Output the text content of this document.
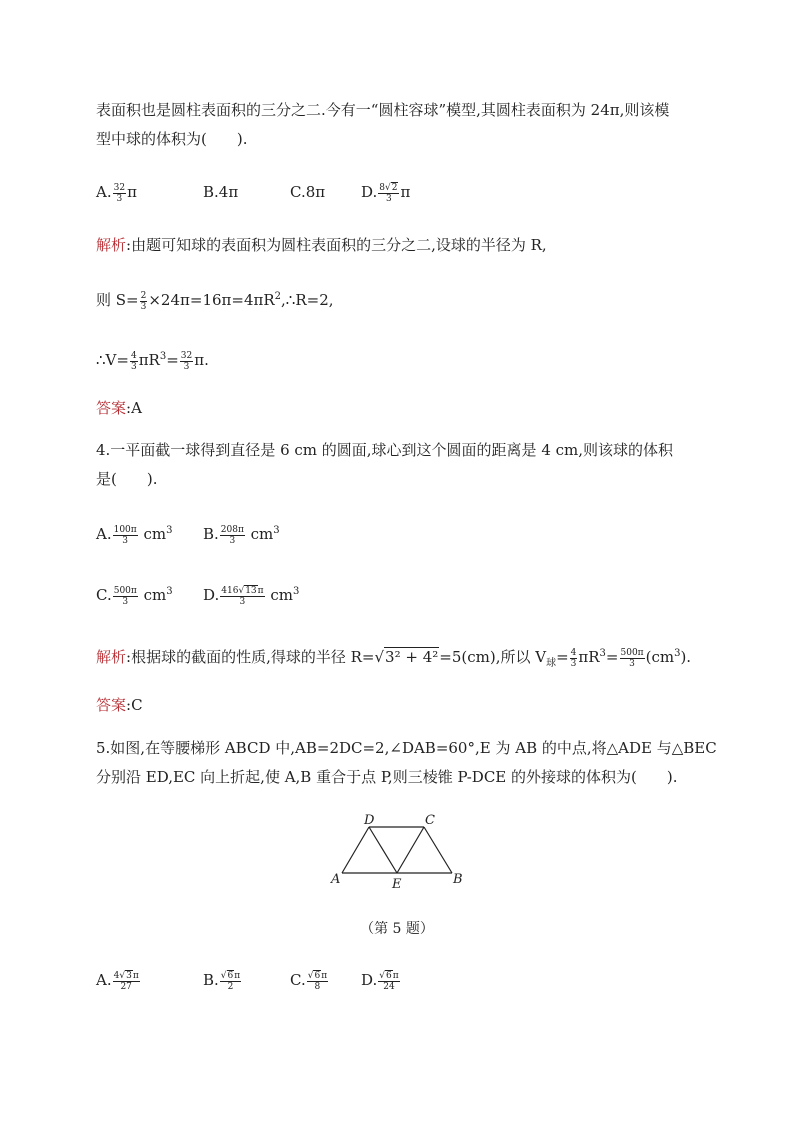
表面积也是圆柱表面积的三分之二.今有一“圆柱容球”模型,其圆柱表面积为 24π,则该模
型中球的体积为(　　).
A. $\frac{32}{3}$ π	B.4π	C.8π D. $\frac{8√2}{3}$ π
解析:由题可知球的表面积为圆柱表面积的三分之二,设球的半径为 R,
则 $S= \frac{2}{3}$ $\times 24\pi=16\pi=4\pi R^2,\therefore R=2$,
∴V= $\frac{4}{3} \pi R^3= \frac{32}{3} \pi$.
答案:A
4.一平面截一球得到直径是 6 cm 的圆面,球心到这个圆面的距离是 4 cm,则该球的体积
是(　　).
A. $\frac{100\pi}{3} cm^3$ B. $\frac{208\pi}{3} cm^3$
C. $\frac{500\pi}{3} cm^3$ D. $\frac{416√13\pi}{3} cm^3$
解析:根据球的截面的性质,得球的半径 R=√3² + 4²=5(cm),所以 $V_球= \frac{4}{3} \pi R^3= \frac{500\pi}{3} (cm^3)$.
答案:C
5.如图,在等腰梯形 ABCD 中,AB=2DC=2,∠DAB=60°,E 为 AB 的中点,将△ADE 与△BEC
分别沿 ED,EC 向上折起,使 A,B 重合于点 P,则三棱锥 P-DCE 的外接球的体积为(　　).
D	C
A	E	B
（第 5 题）
A. $\frac{4√3\pi}{27}$	B. $\frac{√6\pi}{2}$	C. $\frac{√6\pi}{8} D$. $\frac{√6\pi}{24}$
